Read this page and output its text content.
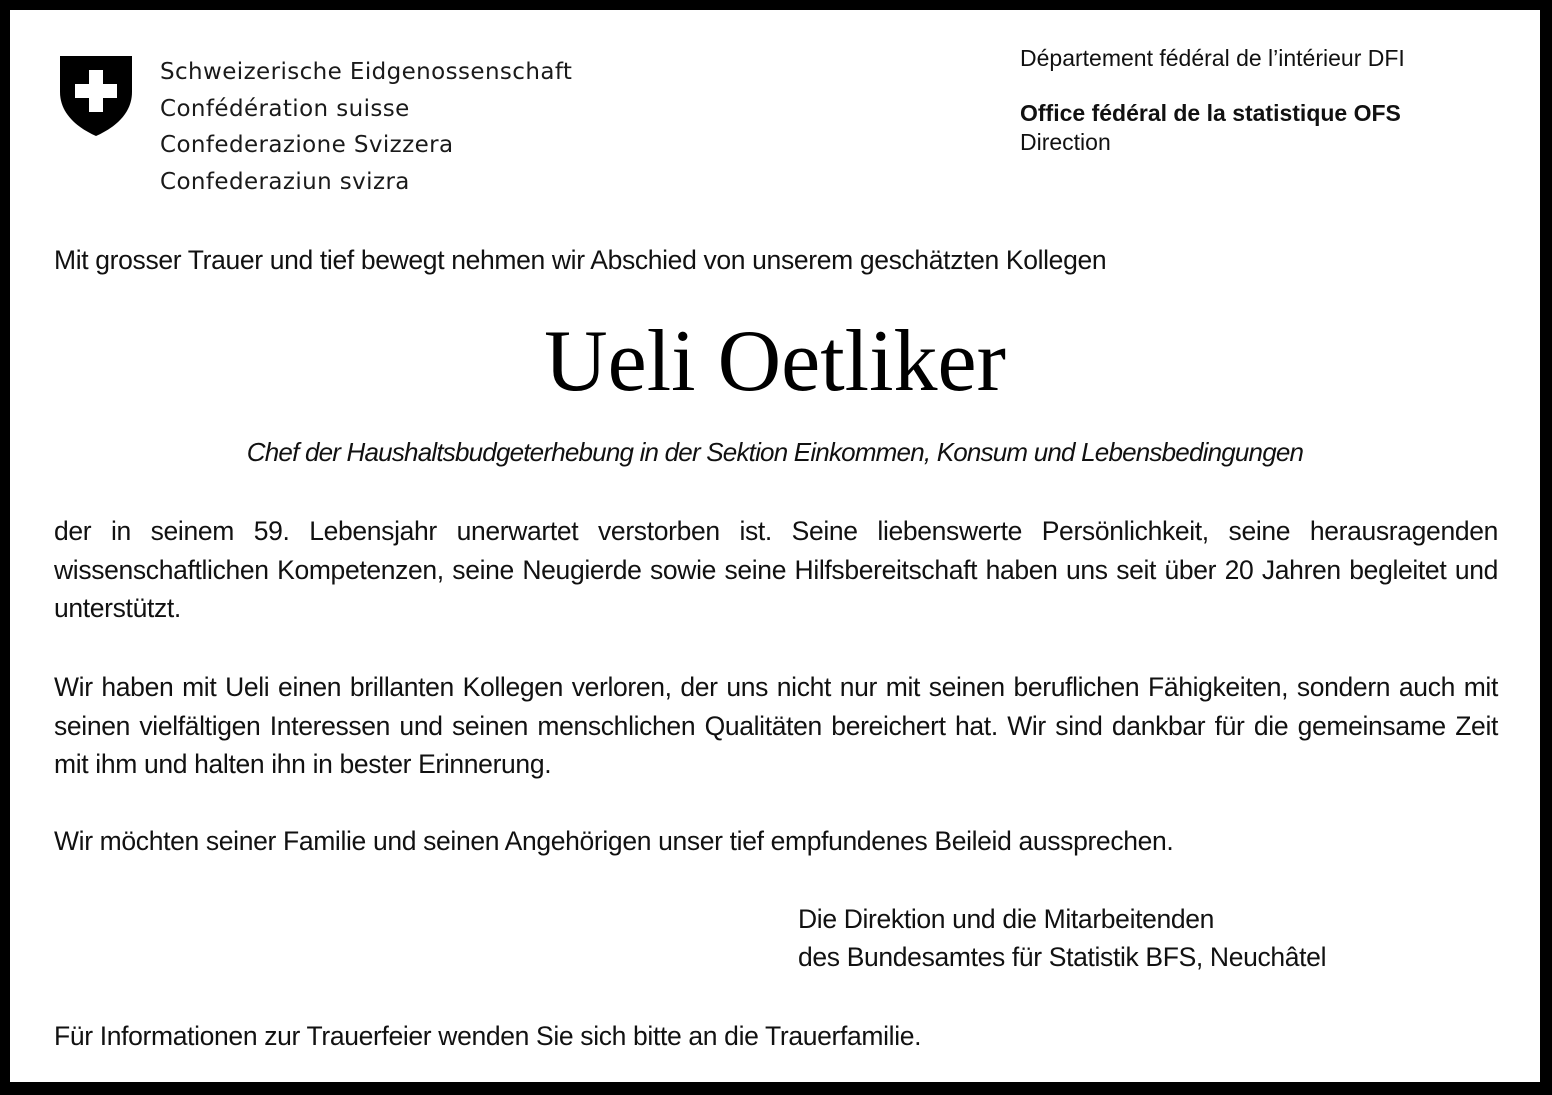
Schweizerische Eidgenossenschaft
Confédération suisse
Confederazione Svizzera
Confederaziun svizra
Département fédéral de l’intérieur DFI
Office fédéral de la statistique OFS
Direction
Mit grosser Trauer und tief bewegt nehmen wir Abschied von unserem geschätzten Kollegen
Ueli Oetliker
Chef der Haushaltsbudgeterhebung in der Sektion Einkommen, Konsum und Lebensbedingungen

der in seinem 59. Lebensjahr unerwartet verstorben ist. Seine liebenswerte Persönlichkeit, seine herausragenden wissenschaftlichen Kompetenzen, seine Neugierde sowie seine Hilfsbereitschaft haben uns seit über 20 Jahren begleitet und unterstützt.

Wir haben mit Ueli einen brillanten Kollegen verloren, der uns nicht nur mit seinen beruflichen Fähigkeiten, sondern auch mit seinen vielfältigen Interessen und seinen menschlichen Qualitäten bereichert hat. Wir sind dankbar für die gemeinsame Zeit mit ihm und halten ihn in bester Erinnerung.

Wir möchten seiner Familie und seinen Angehörigen unser tief empfundenes Beileid aussprechen.

Die Direktion und die Mitarbeitenden
des Bundesamtes für Statistik BFS, Neuchâtel
Für Informationen zur Trauerfeier wenden Sie sich bitte an die Trauerfamilie.
